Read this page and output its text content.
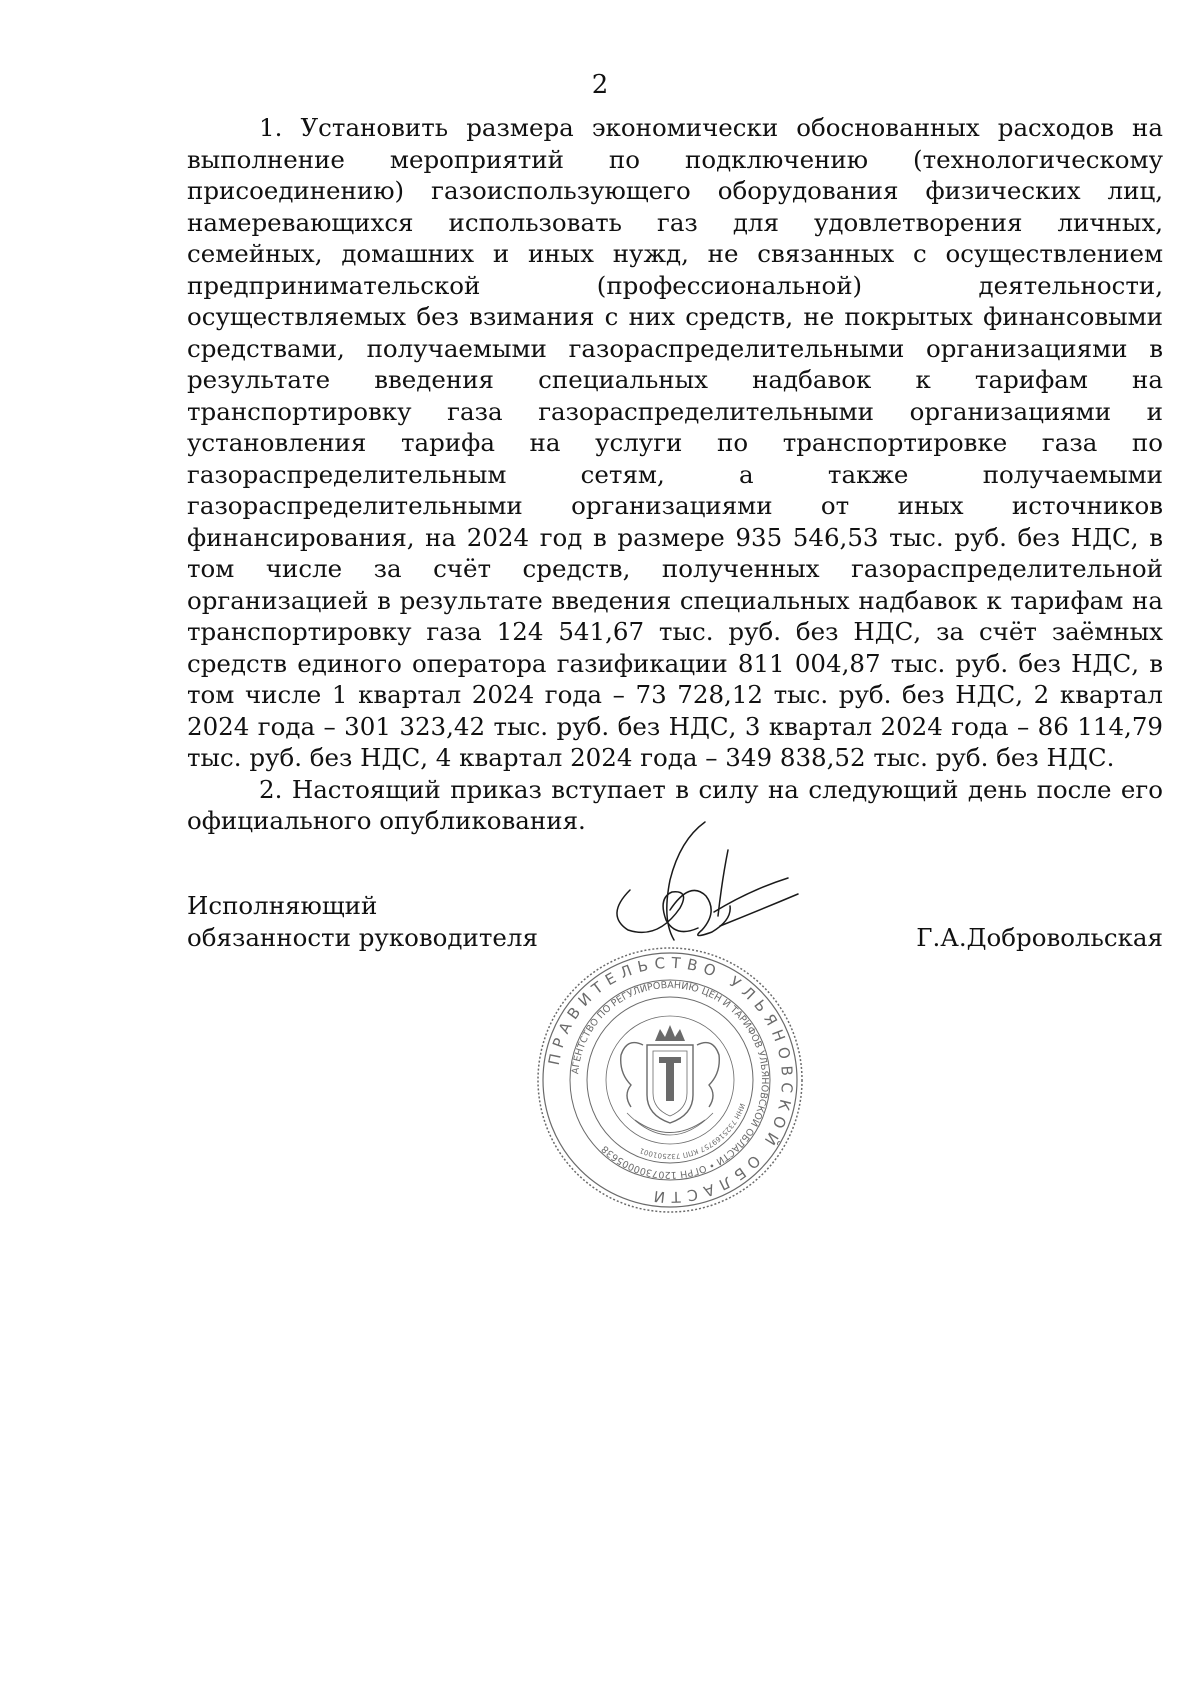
2

1. Установить размера экономически обоснованных расходов на выполнение мероприятий по подключению (технологическому присоединению) газоиспользующего оборудования физических лиц, намеревающихся использовать газ для удовлетворения личных, семейных, домашних и иных нужд, не связанных с осуществлением предпринимательской (профессиональной) деятельности, осуществляемых без взимания с них средств, не покрытых финансовыми средствами, получаемыми газораспределительными организациями в результате введения специальных надбавок к тарифам на транспортировку газа газораспределительными организациями и установления тарифа на услуги по транспортировке газа по газораспределительным сетям, а также получаемыми газораспределительными организациями от иных источников финансирования, на 2024 год в размере 935 546,53 тыс. руб. без НДС, в том числе за счёт средств, полученных газораспределительной организацией в результате введения специальных надбавок к тарифам на транспортировку газа 124 541,67 тыс. руб. без НДС, за счёт заёмных средств единого оператора газификации 811 004,87 тыс. руб. без НДС, в том числе 1 квартал 2024 года – 73 728,12 тыс. руб. без НДС, 2 квартал 2024 года – 301 323,42 тыс. руб. без НДС, 3 квартал 2024 года – 86 114,79 тыс. руб. без НДС, 4 квартал 2024 года – 349 838,52 тыс. руб. без НДС.

2. Настоящий приказ вступает в силу на следующий день после его официального опубликования.

Исполняющий обязанности руководителя	Г.А.Добровольская
ПРАВИТЕЛЬСТВО УЛЬЯНОВСКОЙ ОБЛАСТИ
АГЕНТСТВО ПО РЕГУЛИРОВАНИЮ ЦЕН И ТАРИФОВ УЛЬЯНОВСКОЙ ОБЛАСТИ • ОГРН 1207300005638
ИНН 7325169757 КПП 732501001
